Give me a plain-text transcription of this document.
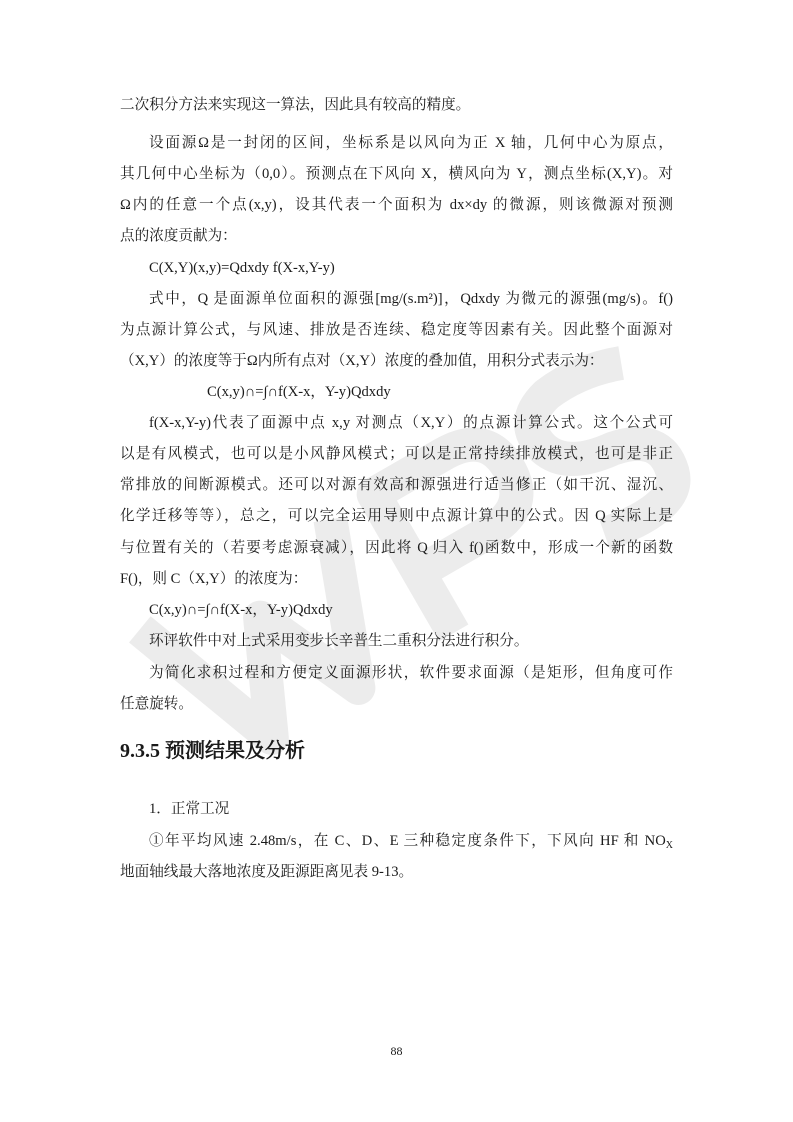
二次积分方法来实现这一算法，因此具有较高的精度。
设面源Ω是一封闭的区间，坐标系是以风向为正 X 轴，几何中心为原点，
其几何中心坐标为（0,0）。预测点在下风向 X，横风向为 Y，测点坐标(X,Y)。对
Ω内的任意一个点(x,y)，设其代表一个面积为 dx×dy 的微源，则该微源对预测
点的浓度贡献为：
C(X,Y)(x,y)=Qdxdy f(X-x,Y-y)
式中，Q 是面源单位面积的源强[mg/(s.m²)]，Qdxdy 为微元的源强(mg/s)。f()
为点源计算公式，与风速、排放是否连续、稳定度等因素有关。因此整个面源对
（X,Y）的浓度等于Ω内所有点对（X,Y）浓度的叠加值，用积分式表示为：
C(x,y)∩=∫∩f(X-x，Y-y)Qdxdy
f(X-x,Y-y)代表了面源中点 x,y 对测点（X,Y）的点源计算公式。这个公式可
以是有风模式，也可以是小风静风模式；可以是正常持续排放模式，也可是非正
常排放的间断源模式。还可以对源有效高和源强进行适当修正（如干沉、湿沉、
化学迁移等等），总之，可以完全运用导则中点源计算中的公式。因 Q 实际上是
与位置有关的（若要考虑源衰减），因此将 Q 归入 f()函数中，形成一个新的函数
F()，则 C（X,Y）的浓度为：
C(x,y)∩=∫∩f(X-x，Y-y)Qdxdy
环评软件中对上式采用变步长辛普生二重积分法进行积分。
为简化求积过程和方便定义面源形状，软件要求面源（是矩形，但角度可作
任意旋转。
9.3.5 预测结果及分析
1．正常工况
①年平均风速 2.48m/s，在 C、D、E 三种稳定度条件下，下风向 HF 和 $NO_X$
地面轴线最大落地浓度及距源距离见表 9-13。
88
